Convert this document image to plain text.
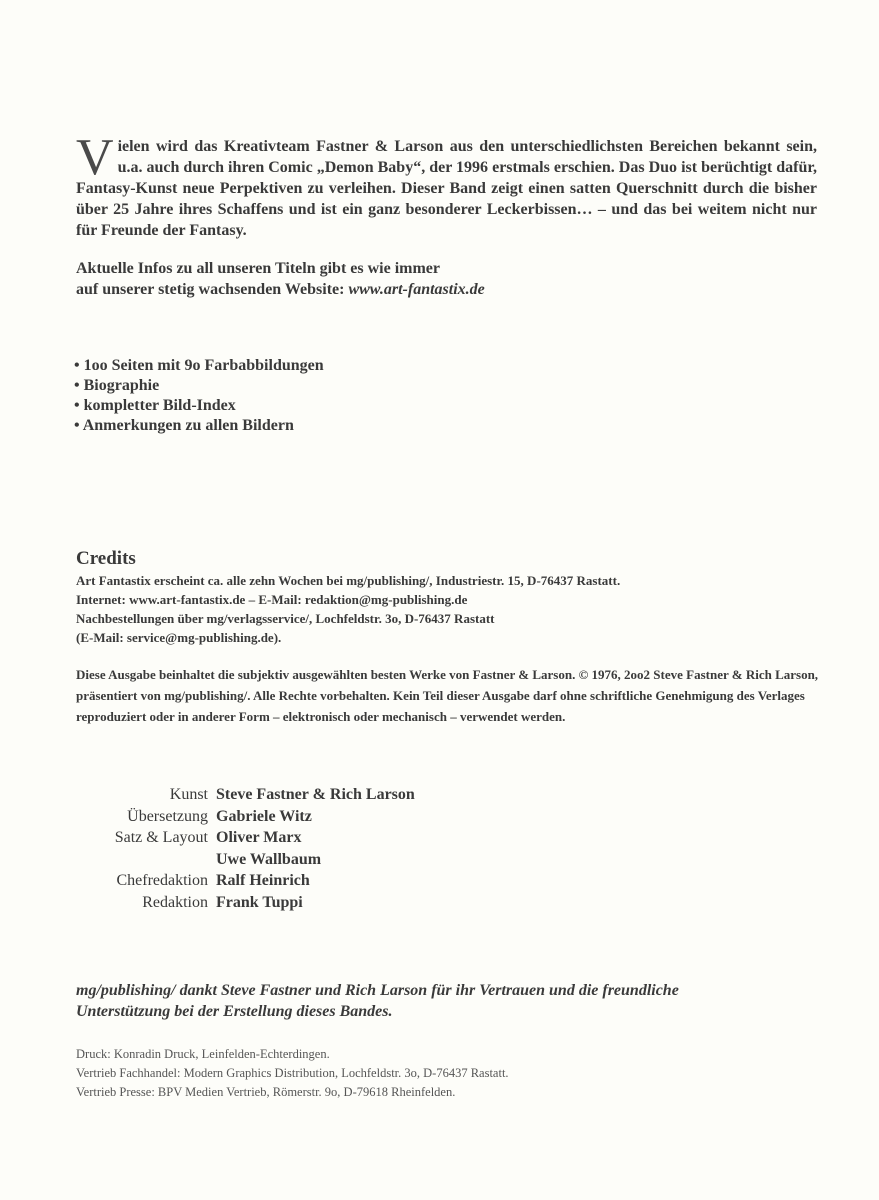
Vielen wird das Kreativteam Fastner & Larson aus den unterschiedlichsten Bereichen bekannt sein, u.a. auch durch ihren Comic „Demon Baby“, der 1996 erstmals erschien. Das Duo ist berüchtigt dafür, Fantasy-Kunst neue Perpektiven zu verleihen. Dieser Band zeigt einen satten Querschnitt durch die bisher über 25 Jahre ihres Schaffens und ist ein ganz besonderer Leckerbissen… – und das bei weitem nicht nur für Freunde der Fantasy.
Aktuelle Infos zu all unseren Titeln gibt es wie immer
auf unserer stetig wachsenden Website: www.art-fantastix.de
• 1oo Seiten mit 9o Farbabbildungen
• Biographie
• kompletter Bild-Index
• Anmerkungen zu allen Bildern
Credits
Art Fantastix erscheint ca. alle zehn Wochen bei mg/publishing/, Industriestr. 15, D-76437 Rastatt.
Internet: www.art-fantastix.de – E-Mail: redaktion@mg-publishing.de
Nachbestellungen über mg/verlagsservice/, Lochfeldstr. 3o, D-76437 Rastatt
(E-Mail: service@mg-publishing.de).
Diese Ausgabe beinhaltet die subjektiv ausgewählten besten Werke von Fastner & Larson. © 1976, 2oo2 Steve Fastner & Rich Larson, präsentiert von mg/publishing/. Alle Rechte vorbehalten. Kein Teil dieser Ausgabe darf ohne schriftliche Genehmigung des Verlages reproduziert oder in anderer Form – elektronisch oder mechanisch – verwendet werden.
Kunst Steve Fastner & Rich Larson
Übersetzung Gabriele Witz
Satz & Layout Oliver Marx
Uwe Wallbaum
Chefredaktion Ralf Heinrich
Redaktion Frank Tuppi
mg/publishing/ dankt Steve Fastner und Rich Larson für ihr Vertrauen und die freundliche
Unterstützung bei der Erstellung dieses Bandes.
Druck: Konradin Druck, Leinfelden-Echterdingen.
Vertrieb Fachhandel: Modern Graphics Distribution, Lochfeldstr. 3o, D-76437 Rastatt.
Vertrieb Presse: BPV Medien Vertrieb, Römerstr. 9o, D-79618 Rheinfelden.
